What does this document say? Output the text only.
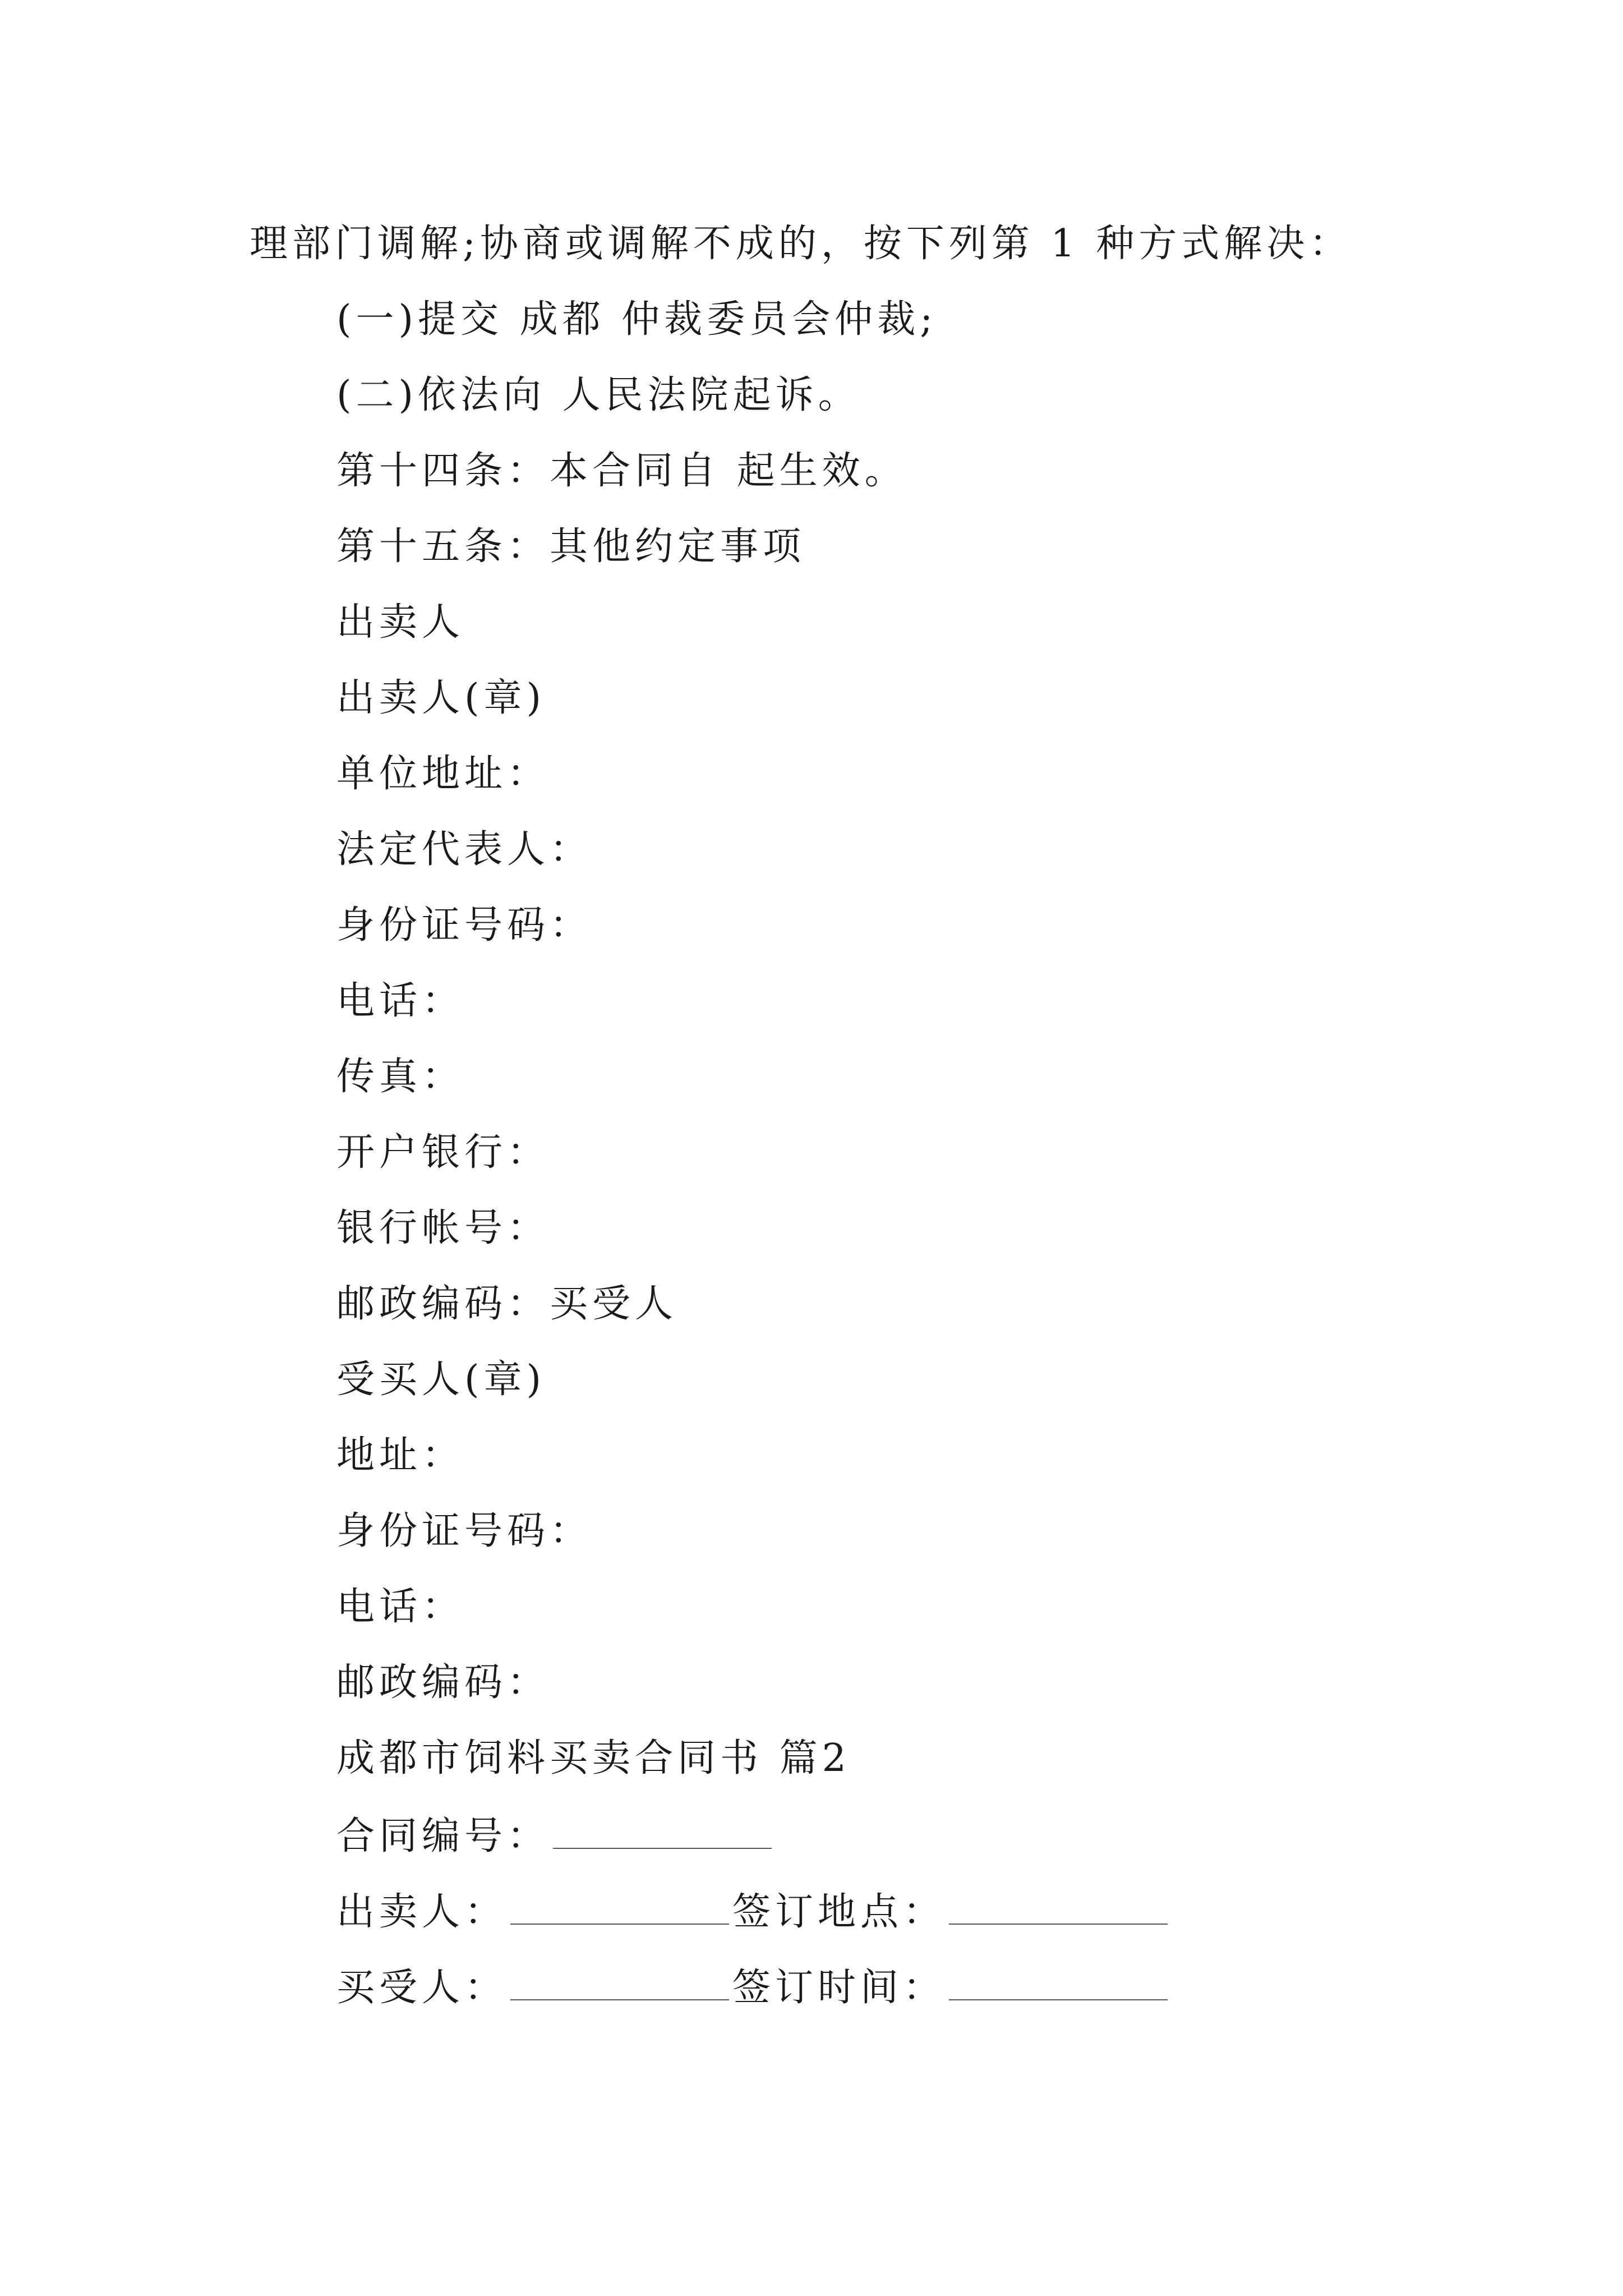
理部门调解;协商或调解不成的，按下列第 1 种方式解决：
(一)提交 成都 仲裁委员会仲裁;
(二)依法向 人民法院起诉。
第十四条：本合同自 起生效。
第十五条：其他约定事项
出卖人
出卖人(章)
单位地址：
法定代表人：
身份证号码：
电话：
传真：
开户银行：
银行帐号：
邮政编码：买受人
受买人(章)
地址：
身份证号码：
电话：
邮政编码：
成都市饲料买卖合同书 篇2
合同编号：
出卖人：	签订地点：
买受人：	签订时间：
